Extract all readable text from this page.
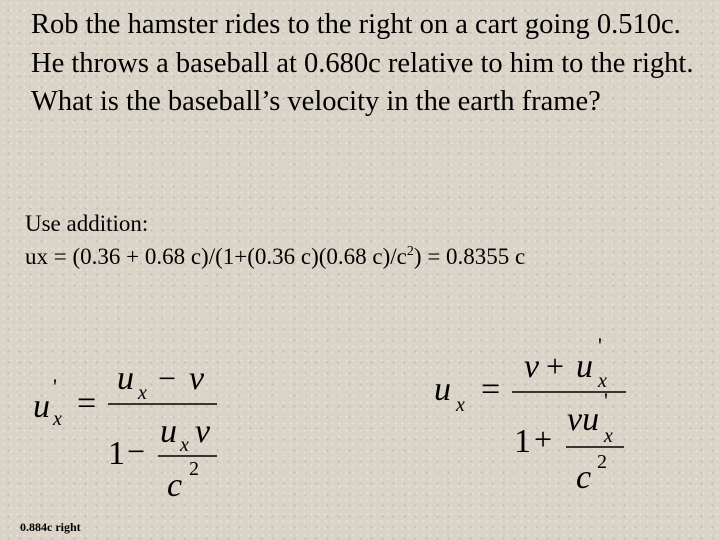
Rob the hamster rides to the right on a cart going 0.510c. He throws a baseball at 0.680c relative to him to the right. What is the baseball’s velocity in the earth frame?

Use addition:
ux = (0.36 + 0.68 c)/(1+(0.36 c)(0.68 $c)/c^2) = 0.8355$ c
u
'
x =
u x − v
1 −
u x v
c 2
u x =
v + u
'
x
1 +
vu
'
x
c 2
0.884c right
